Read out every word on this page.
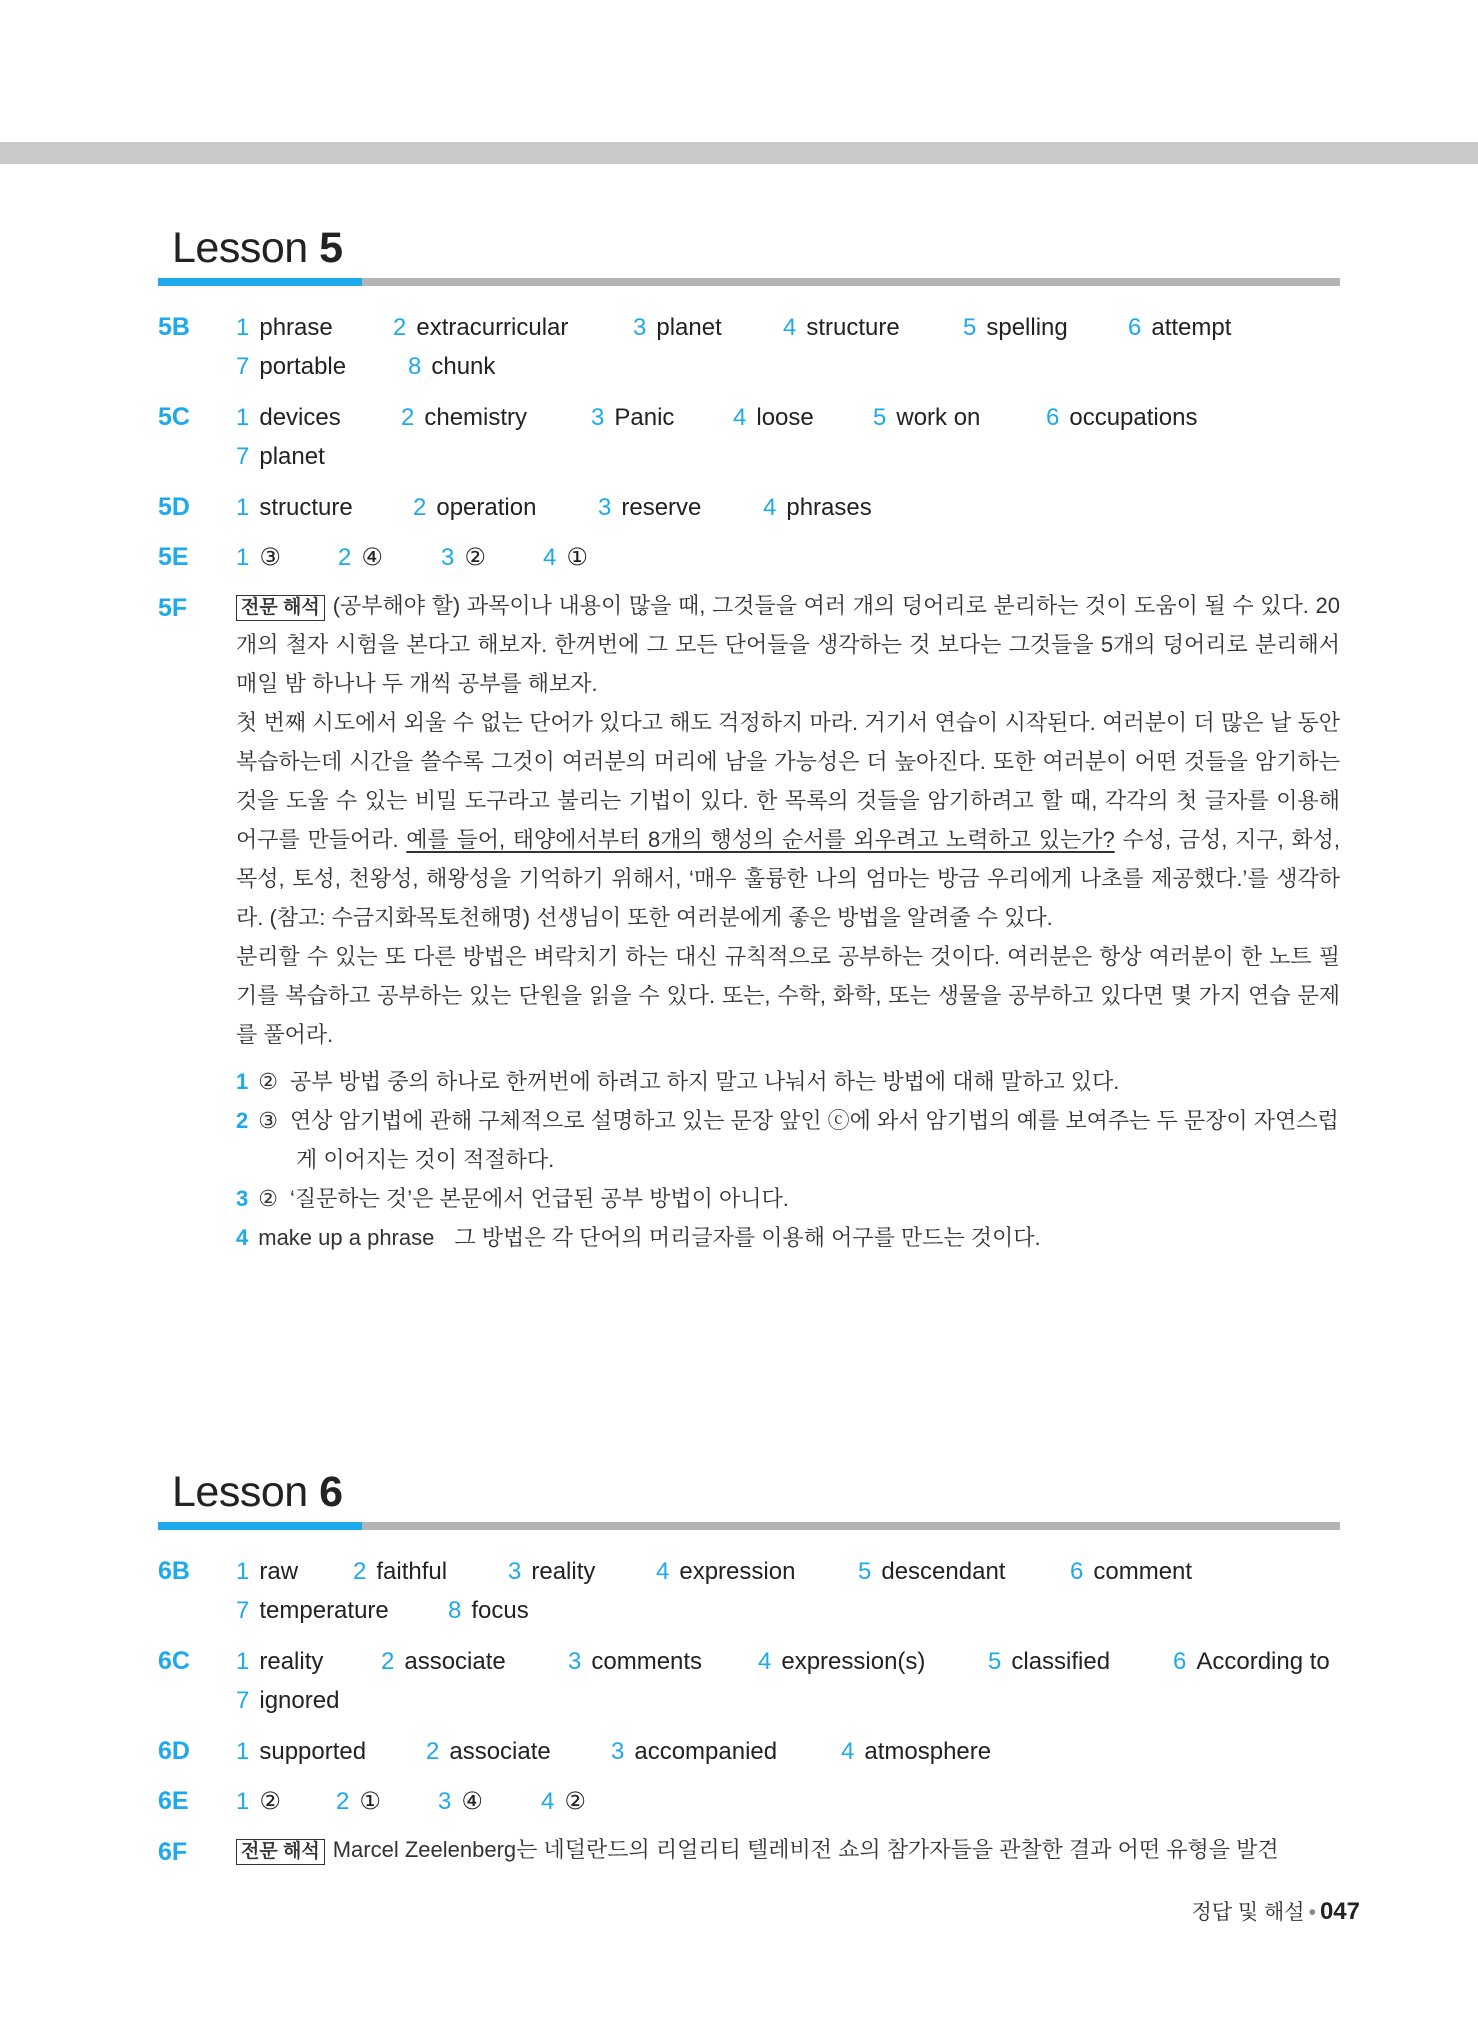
Lesson 5
5B 1 phrase	2 extracurricular	3 planet	4 structure	5 spelling	6 attempt
7 portable	8 chunk
5C 1 devices	2 chemistry	3 Panic 4 loose 5 work on	6 occupations
7 planet
5D 1 structure	2 operation	3 reserve	4 phrases
5E 1 ③ 2 ④ 3 ② 4 ①
5F	전문 해석 (공부해야 할) 과목이나 내용이 많을 때, 그것들을 여러 개의 덩어리로 분리하는 것이 도움이 될 수 있다. 20개의 철자 시험을 본다고 해보자. 한꺼번에 그 모든 단어들을 생각하는 것 보다는 그것들을 5개의 덩어리로 분리해서 매일 밤 하나나 두 개씩 공부를 해보자.
첫 번째 시도에서 외울 수 없는 단어가 있다고 해도 걱정하지 마라. 거기서 연습이 시작된다. 여러분이 더 많은 날 동안 복습하는데 시간을 쓸수록 그것이 여러분의 머리에 남을 가능성은 더 높아진다. 또한 여러분이 어떤 것들을 암기하는 것을 도울 수 있는 비밀 도구라고 불리는 기법이 있다. 한 목록의 것들을 암기하려고 할 때, 각각의 첫 글자를 이용해 어구를 만들어라. 예를 들어, 태양에서부터 8개의 행성의 순서를 외우려고 노력하고 있는가? 수성, 금성, 지구, 화성, 목성, 토성, 천왕성, 해왕성을 기억하기 위해서, ‘매우 훌륭한 나의 엄마는 방금 우리에게 나초를 제공했다.’를 생각하라. (참고: 수금지화목토천해명) 선생님이 또한 여러분에게 좋은 방법을 알려줄 수 있다.
분리할 수 있는 또 다른 방법은 벼락치기 하는 대신 규칙적으로 공부하는 것이다. 여러분은 항상 여러분이 한 노트 필기를 복습하고 공부하는 있는 단원을 읽을 수 있다. 또는, 수학, 화학, 또는 생물을 공부하고 있다면 몇 가지 연습 문제를 풀어라.
1 ② 공부 방법 중의 하나로 한꺼번에 하려고 하지 말고 나눠서 하는 방법에 대해 말하고 있다.
2 ③ 연상 암기법에 관해 구체적으로 설명하고 있는 문장 앞인 ⓒ에 와서 암기법의 예를 보여주는 두 문장이 자연스럽게 이어지는 것이 적절하다.
3 ② ‘질문하는 것’은 본문에서 언급된 공부 방법이 아니다.
4 make up a phrase 그 방법은 각 단어의 머리글자를 이용해 어구를 만드는 것이다.
Lesson 6
6B 1 raw 2 faithful	3 reality	4 expression	5 descendant	6 comment
7 temperature 8 focus
6C 1 reality 2 associate	3 comments 4 expression(s)	5 classified	6 According to
7 ignored
6D 1 supported 2 associate	3 accompanied	4 atmosphere
6E 1 ② 2 ① 3 ④ 4 ②
6F	전문 해석 Marcel Zeelenberg는 네덜란드의 리얼리티 텔레비전 쇼의 참가자들을 관찰한 결과 어떤 유형을 발견
정답 및 해설 • 047
